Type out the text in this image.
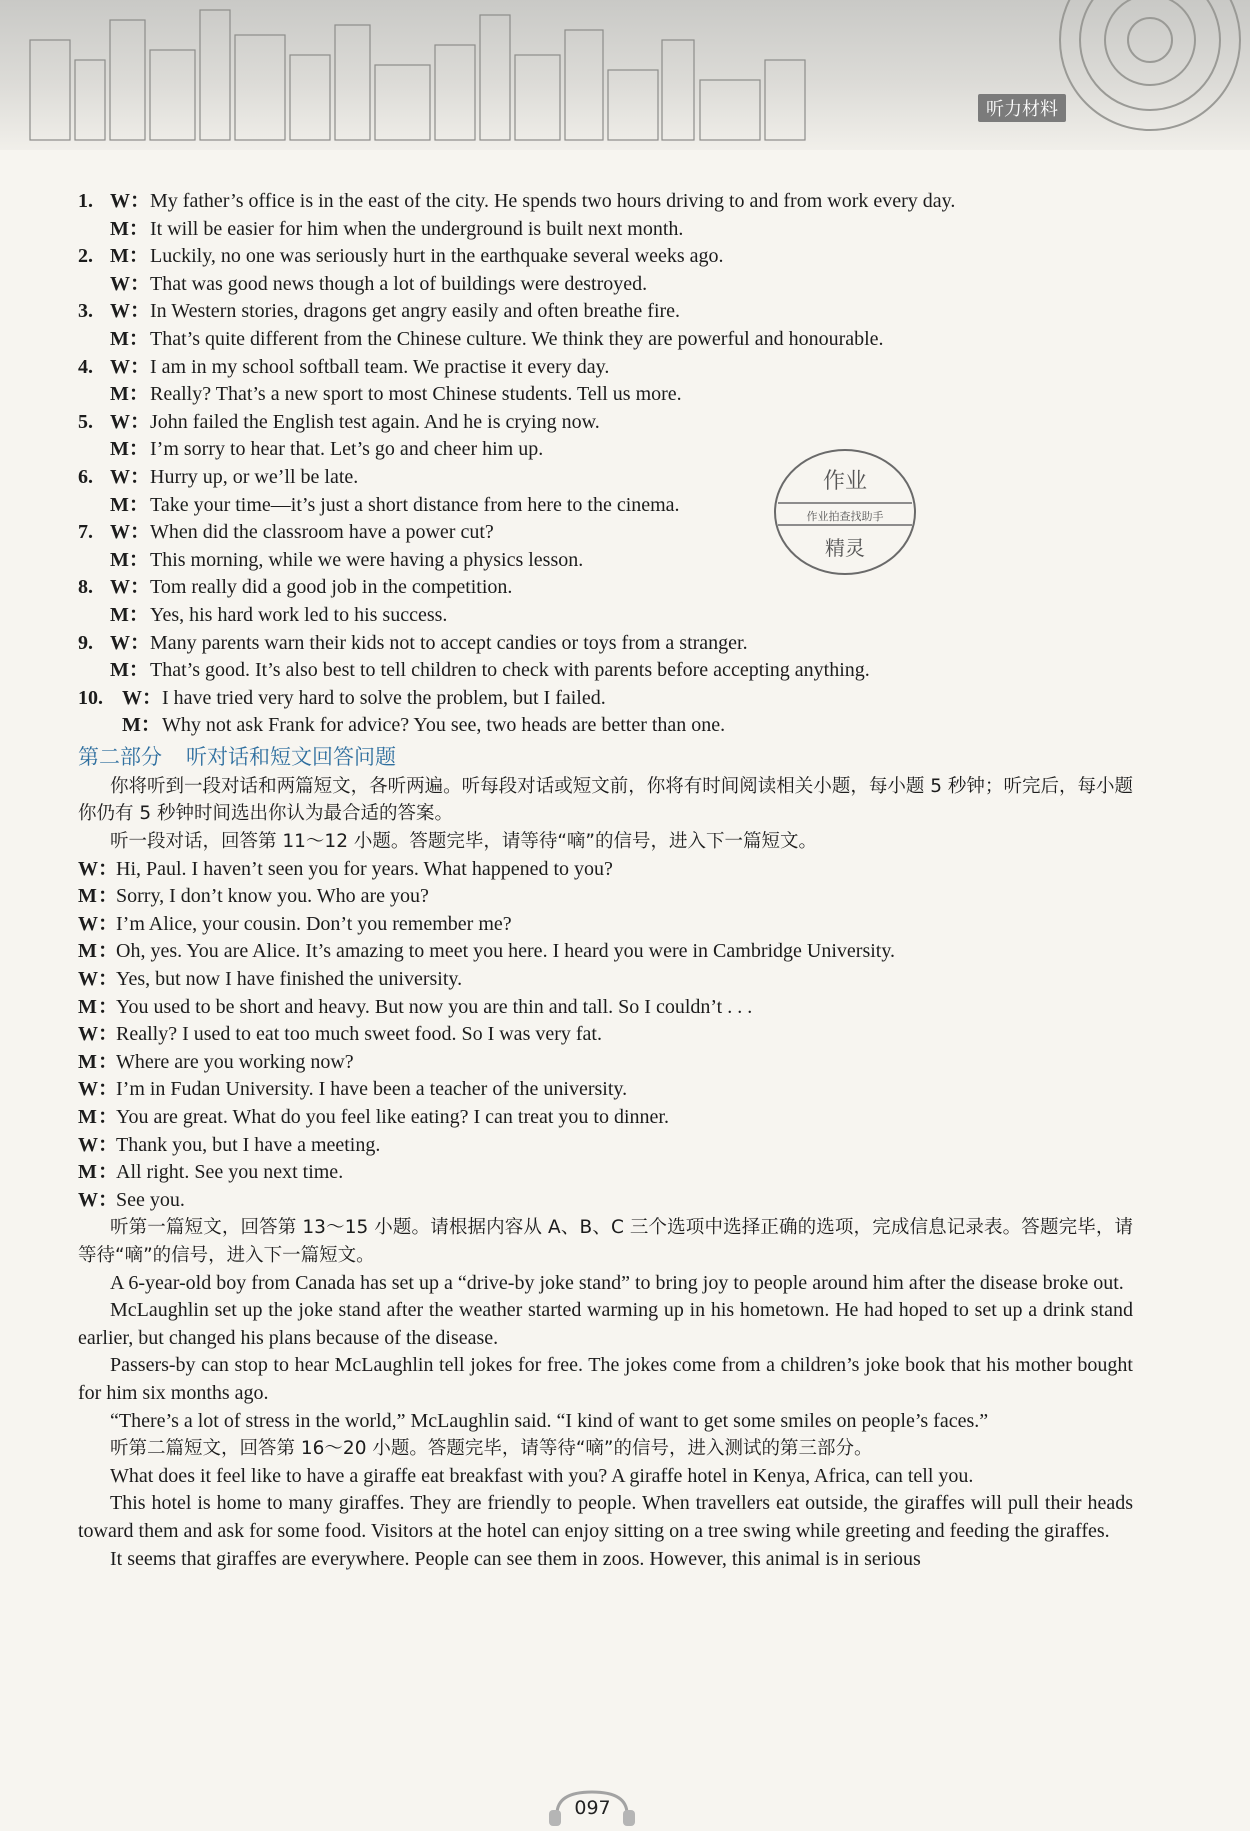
听力材料
1. W： My father’s office is in the east of the city. He spends two hours driving to and from work every day.
M： It will be easier for him when the underground is built next month.
2. M： Luckily, no one was seriously hurt in the earthquake several weeks ago.
W： That was good news though a lot of buildings were destroyed.
3. W： In Western stories, dragons get angry easily and often breathe fire.
M： That’s quite different from the Chinese culture. We think they are powerful and honourable.
4. W： I am in my school softball team. We practise it every day.
M： Really? That’s a new sport to most Chinese students. Tell us more.
5. W： John failed the English test again. And he is crying now.
M： I’m sorry to hear that. Let’s go and cheer him up.
6. W： Hurry up, or we’ll be late.
M： Take your time—it’s just a short distance from here to the cinema.
7. W： When did the classroom have a power cut?
M： This morning, while we were having a physics lesson.
8. W： Tom really did a good job in the competition.
M： Yes, his hard work led to his success.
9. W： Many parents warn their kids not to accept candies or toys from a stranger.
M： That’s good. It’s also best to tell children to check with parents before accepting anything.
10. W： I have tried very hard to solve the problem, but I failed.
M： Why not ask Frank for advice? You see, two heads are better than one.
第二部分 听对话和短文回答问题
你将听到一段对话和两篇短文，各听两遍。听每段对话或短文前，你将有时间阅读相关小题，每小题 5 秒钟；听完后，每小题你仍有 5 秒钟时间选出你认为最合适的答案。
听一段对话，回答第 11～12 小题。答题完毕，请等待“嘀”的信号，进入下一篇短文。
W ：
Hi, Paul. I haven’t seen you for years. What happened to you?
M ：
Sorry, I don’t know you. Who are you?
W ：
I’m Alice, your cousin. Don’t you remember me?
M ：
Oh, yes. You are Alice. It’s amazing to meet you here. I heard you were in Cambridge University.
W ：
Yes, but now I have finished the university.
M ：
You used to be short and heavy. But now you are thin and tall. So I couldn’t . . .
W ：
Really? I used to eat too much sweet food. So I was very fat.
M ：
Where are you working now?
W ：
I’m in Fudan University. I have been a teacher of the university.
M ：
You are great. What do you feel like eating? I can treat you to dinner.
W ：
Thank you, but I have a meeting.
M ：
All right. See you next time.
W ：
See you.
听第一篇短文，回答第 13～15 小题。请根据内容从 A、B、C 三个选项中选择正确的选项，完成信息记录表。答题完毕，请等待“嘀”的信号，进入下一篇短文。
A 6-year-old boy from Canada has set up a “drive-by joke stand” to bring joy to people around him after the disease broke out.
McLaughlin set up the joke stand after the weather started warming up in his hometown. He had hoped to set up a drink stand earlier, but changed his plans because of the disease.
Passers-by can stop to hear McLaughlin tell jokes for free. The jokes come from a children’s joke book that his mother bought for him six months ago.
“There’s a lot of stress in the world,” McLaughlin said. “I kind of want to get some smiles on people’s faces.”
听第二篇短文，回答第 16～20 小题。答题完毕，请等待“嘀”的信号，进入测试的第三部分。
What does it feel like to have a giraffe eat breakfast with you? A giraffe hotel in Kenya, Africa, can tell you.
This hotel is home to many giraffes. They are friendly to people. When travellers eat outside, the giraffes will pull their heads toward them and ask for some food. Visitors at the hotel can enjoy sitting on a tree swing while greeting and feeding the giraffes.
It seems that giraffes are everywhere. People can see them in zoos. However, this animal is in serious
作业
作业拍查找助手
精灵
097
